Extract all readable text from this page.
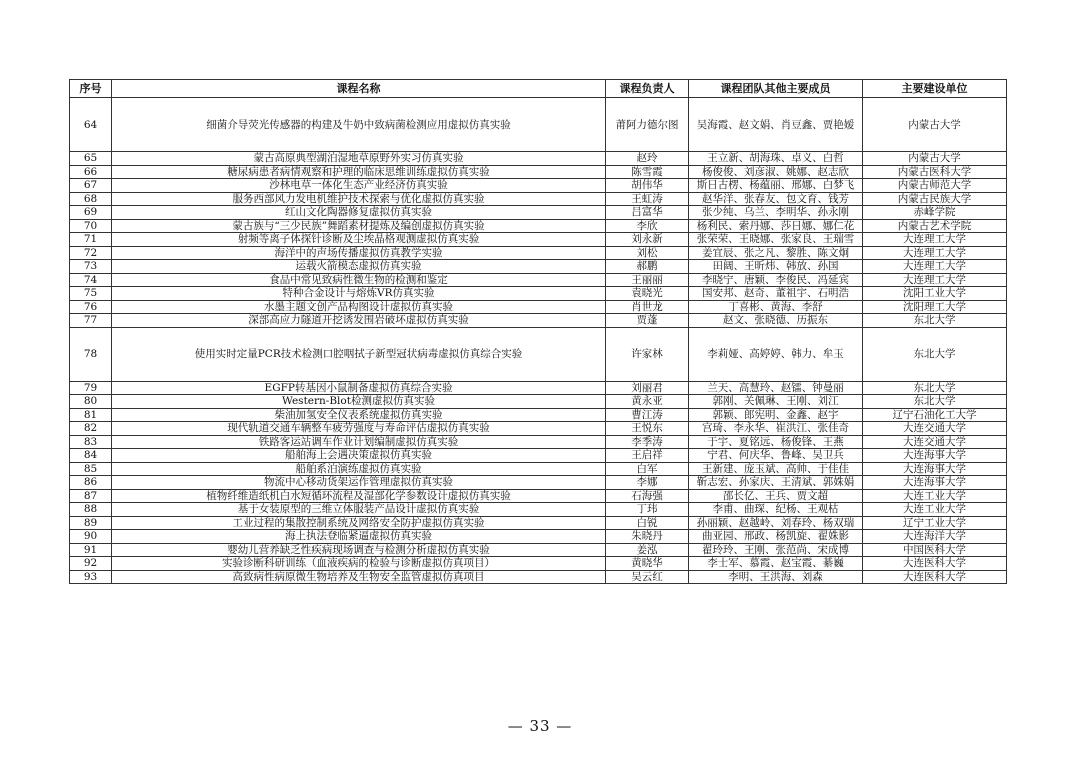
序号	课程名称	课程负责人	课程团队其他主要成员	主要建设单位
64	细菌介导荧光传感器的构建及牛奶中致病菌检测应用虚拟仿真实验	莆阿力德尔图	吴海霞、赵文娟、肖豆鑫、贾艳嫒	内蒙古大学
65	蒙古高原典型湖泊湿地草原野外实习仿真实验	赵玲	王立新、胡海珠、卓义、白哲	内蒙古大学
66	糖尿病患者病情观察和护理的临床思维训练虚拟仿真实验	陈雪霞	杨俊俊、刘彦淑、姚娜、赵志欣	内蒙古医科大学
67	沙林电草一体化生态产业经济仿真实验	胡伟华	斯日古楞、杨蕴丽、邢娜、白梦飞	内蒙古师范大学
68	服务西部风力发电机维护技术探索与优化虚拟仿真实验	王虹涛	赵华洋、张春友、包文育、钱芳	内蒙古民族大学
69	红山文化陶器修复虚拟仿真实验	吕富华	张少纯、乌兰、李明华、孙永刚	赤峰学院
70	蒙古族与“三少民族”舞蹈素材提炼及编创虚拟仿真实验	李欣	杨利民、索丹娜、莎日娜、娜仁花	内蒙古艺术学院
71	射频等离子体探针诊断及尘埃晶格观测虚拟仿真实验	刘永新	张荣荣、王晓娜、张家良、王瑞雪	大连理工大学
72	海洋中的声场传播虚拟仿真教学实验	刘松	姜宜辰、张之凡、黎胜、陈文炯	大连理工大学
73	运载火箭模态虚拟仿真实验	郝鹏	田阔、王昕炜、韩放、孙国	大连理工大学
74	食品中常见致病性微生物的检测和鉴定	王丽丽	李晓宁、唐颖、李俊民、冯延宾	大连理工大学
75	特种合金设计与熔炼VR仿真实验	袁晓光	国安邦、赵奇、董祖宇、石明浩	沈阳工业大学
76	水墨主题文创产品构图设计虚拟仿真实验	肖世龙	丁喜彬、黄海、李舒	沈阳理工大学
77	深部高应力隧道开挖诱发围岩破坏虚拟仿真实验	贾蓬	赵文、张晓德、历振东	东北大学
78	使用实时定量PCR技术检测口腔咽拭子新型冠状病毒虚拟仿真综合实验	许家林	李莉娅、高婷婷、韩力、牟玉	东北大学
79	EGFP转基因小鼠制备虚拟仿真综合实验	刘丽君	兰天、高慧玲、赵镭、钟曼丽	东北大学
80	Western-Blot检测虚拟仿真实验	黄永亚	郭刚、关佩琳、王刚、刘江	东北大学
81	柴油加氢安全仪表系统虚拟仿真实验	曹江涛	郭颖、郎宪明、金鑫、赵宇	辽宁石油化工大学
82	现代轨道交通车辆整车疲劳强度与寿命评估虚拟仿真实验	王悦东	宫琦、李永华、崔洪江、张佳奇	大连交通大学
83	铁路客运站调车作业计划编制虚拟仿真实验	李季涛	于宇、夏铭远、杨俊锋、王燕	大连交通大学
84	船舶海上会遇决策虚拟仿真实验	王启祥	宁君、何庆华、鲁峰、吴卫兵	大连海事大学
85	船舶系泊演练虚拟仿真实验	白军	王新建、庞玉斌、高帅、于佳佳	大连海事大学
86	物流中心移动货架运作管理虚拟仿真实验	李娜	靳志宏、孙家庆、王清斌、郭姝娟	大连海事大学
87	植物纤维造纸机白水短循环流程及湿部化学参数设计虚拟仿真实验	石海强	邵长亿、王兵、贾文超	大连工业大学
88	基于女装原型的三维立体服装产品设计虚拟仿真实验	丁玮	李甫、曲琛、纪杨、王观枯	大连工业大学
89	工业过程的集散控制系统及网络安全防护虚拟仿真实验	白锐	孙丽颖、赵越岭、刘春玲、杨双瑞	辽宁工业大学
90	海上执法登临紧逼虚拟仿真实验	朱晓丹	曲亚园、邢政、杨凯旋、翟姝影	大连海洋大学
91	婴幼儿营养缺乏性疾病现场调查与检测分析虚拟仿真实验	姜泓	翟玲玲、王刚、张范尚、宋成博	中国医科大学
92	实验诊断科研训练（血液疾病的检验与诊断虚拟仿真项目）	黄晓华	李士军、慕霞、赵宝霞、綦巍	大连医科大学
93	高致病性病原微生物培养及生物安全监管虚拟仿真项目	吴云红	李明、王洪海、刘森	大连医科大学
— 33 —
